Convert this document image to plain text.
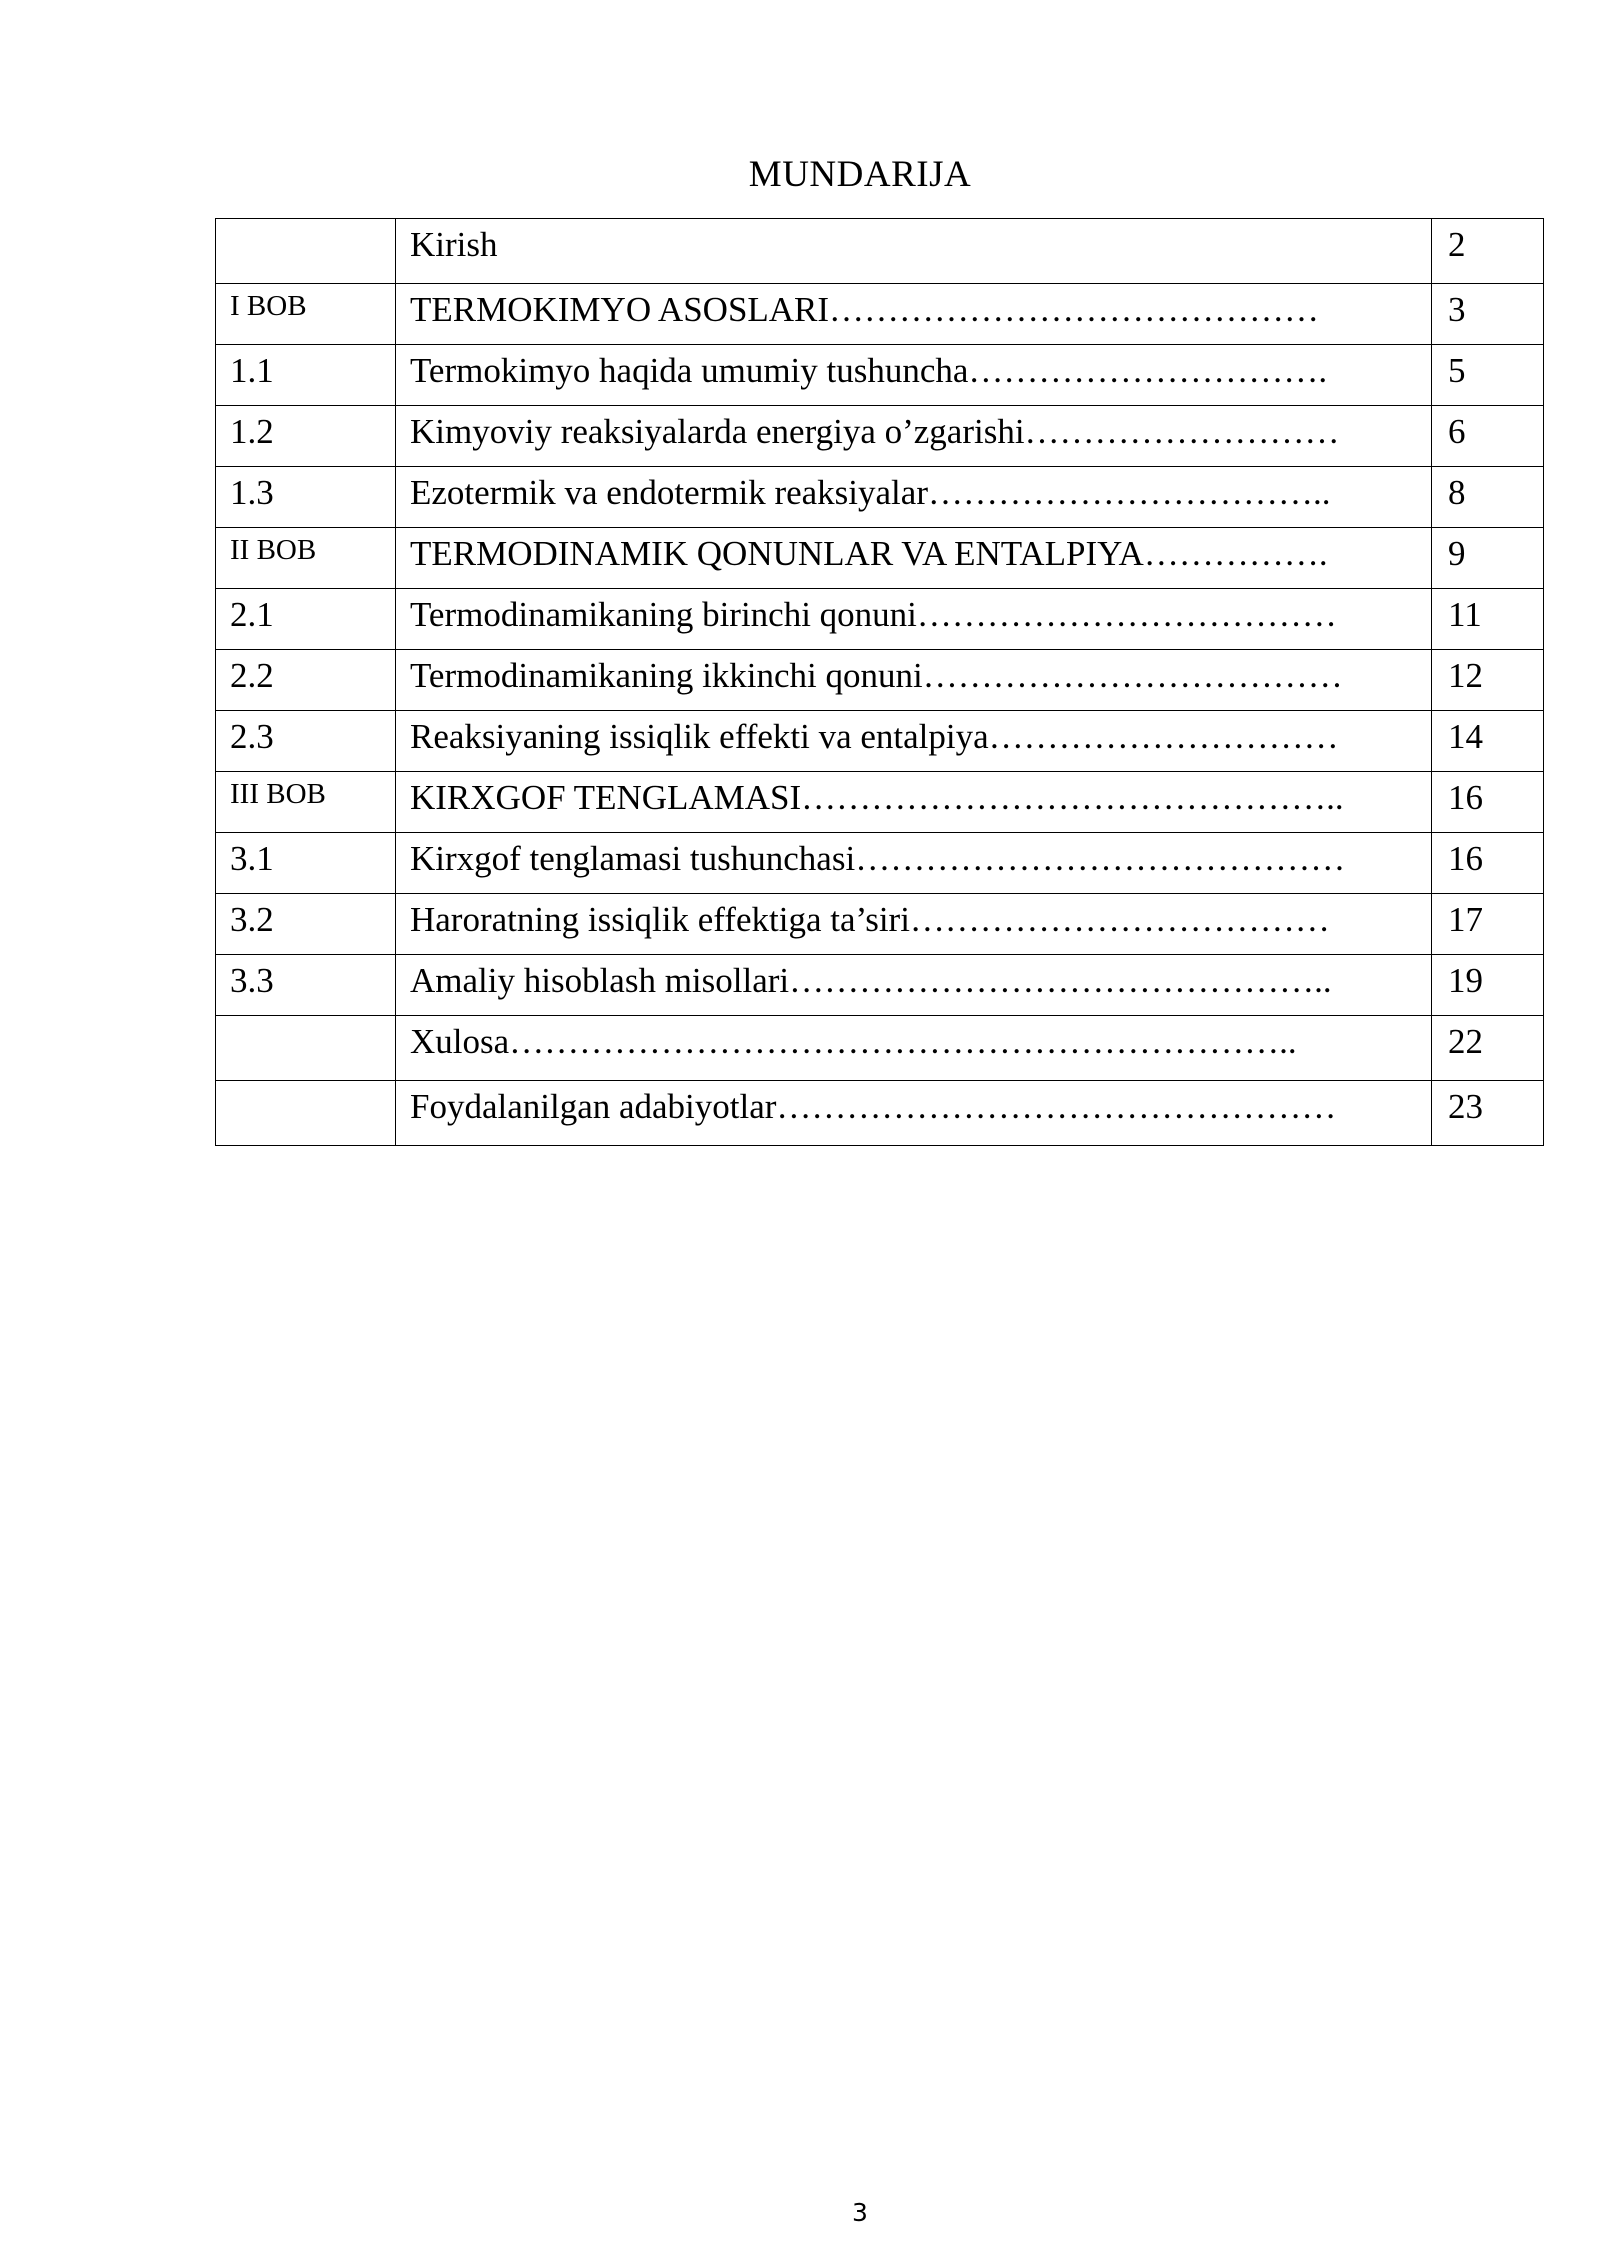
MUNDARIJA
	Kirish	2
I BOB	TERMOKIMYO ASOSLARI……………………………………	3
1.1	Termokimyo haqida umumiy tushuncha………………………….	5
1.2	Kimyoviy reaksiyalarda energiya o’zgarishi………………………	6
1.3	Ezotermik va endotermik reaksiyalar……………………………..	8
II BOB	TERMODINAMIK QONUNLAR VA ENTALPIYA…………….	9
2.1	Termodinamikaning birinchi qonuni………………………………	11
2.2	Termodinamikaning ikkinchi qonuni………………………………	12
2.3	Reaksiyaning issiqlik effekti va entalpiya…………………………	14
III BOB	KIRXGOF TENGLAMASI………………………………………..	16
3.1	Kirxgof tenglamasi tushunchasi……………………………………	16
3.2	Haroratning issiqlik effektiga ta’siri………………………………	17
3.3	Amaliy hisoblash misollari………………………………………..	19
	Xulosa…………………………………………………………..	22
	Foydalanilgan adabiyotlar…………………………………………	23
3
